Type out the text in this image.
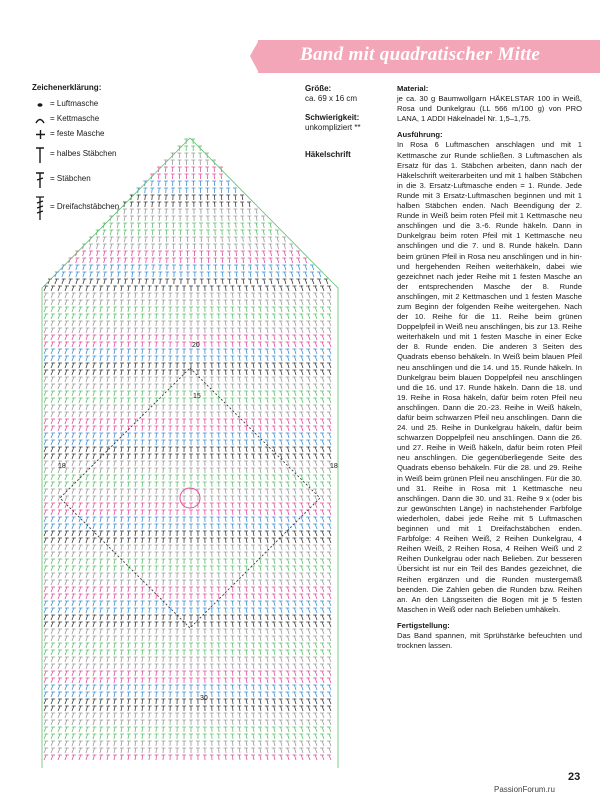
Band mit quadratischer Mitte
Zeichenerklärung:
= Luftmasche
= Kettmasche
= feste Masche
= halbes Stäbchen
= Stäbchen
= Dreifachstäbchen
Größe:
ca. 69 x 16 cm
Schwierigkeit:
unkompliziert **
Häkelschrift

Material:
je ca. 30 g Baumwollgarn HÄKELSTAR 100 in Weiß, Rosa und Dunkelgrau (LL 566 m/100 g) von PRO LANA, 1 ADDI Häkelnadel Nr. 1,5–1,75.

Ausführung:
In Rosa 6 Luftmaschen anschlagen und mit 1 Kettmasche zur Runde schließen. 3 Luftmaschen als Ersatz für das 1. Stäbchen arbeiten, dann nach der Häkelschrift weiterarbeiten und mit 1 halben Stäbchen in die 3. Ersatz-Luftmasche enden = 1. Runde. Jede Runde mit 3 Ersatz-Luftmaschen beginnen und mit 1 halben Stäbchen enden. Nach Beendigung der 2. Runde in Weiß beim roten Pfeil mit 1 Kettmasche neu anschlingen und die 3.-6. Runde häkeln. Dann in Dunkelgrau beim roten Pfeil mit 1 Kettmasche neu anschlingen und die 7. und 8. Runde häkeln. Dann beim grünen Pfeil in Rosa neu anschlingen und in hin- und hergehenden Reihen weiterhäkeln, dabei wie gezeichnet nach jeder Reihe mit 1 festen Masche an der entsprechenden Masche der 8. Runde anschlingen, mit 2 Kettmaschen und 1 festen Masche zum Beginn der folgenden Reihe weitergehen. Nach der 10. Reihe für die 11. Reihe beim grünen Doppelpfeil in Weiß neu anschlingen, bis zur 13. Reihe weiterhäkeln und mit 1 festen Masche in einer Ecke der 8. Runde enden. Die anderen 3 Seiten des Quadrats ebenso behäkeln. In Weiß beim blauen Pfeil neu anschlingen und die 14. und 15. Runde häkeln. In Dunkelgrau beim blauen Doppelpfeil neu anschlingen und die 16. und 17. Runde häkeln. Dann die 18. und 19. Reihe in Rosa häkeln, dafür beim roten Pfeil neu anschlingen. Dann die 20.-23. Reihe in Weiß häkeln, dafür beim schwarzen Pfeil neu anschlingen. Dann die 24. und 25. Reihe in Dunkelgrau häkeln, dafür beim schwarzen Doppelpfeil neu anschlingen. Dann die 26. und 27. Reihe in Weiß häkeln, dafür beim roten Pfeil neu anschlingen. Die gegenüberliegende Seite des Quadrats ebenso behäkeln. Für die 28. und 29. Reihe in Weiß beim grünen Pfeil neu anschlingen. Für die 30. und 31. Reihe in Rosa mit 1 Kettmasche neu anschlingen. Dann die 30. und 31. Reihe 9 x (oder bis zur gewünschten Länge) in nachstehender Farbfolge wiederholen, dabei jede Reihe mit 5 Luftmaschen beginnen und mit 1 Dreifachstäbchen enden. Farbfolge: 4 Reihen Weiß, 2 Reihen Dunkelgrau, 4 Reihen Weiß, 2 Reihen Rosa, 4 Reihen Weiß und 2 Reihen Dunkelgrau oder nach Belieben. Zur besseren Übersicht ist nur ein Teil des Bandes gezeichnet, die Reihen ergänzen und die Runden mustergemäß beenden. Die Zahlen geben die Runden bzw. Reihen an. An den Längsseiten die Bogen mit je 5 festen Maschen in Weiß oder nach Belieben umhäkeln.

Fertigstellung:
Das Band spannen, mit Sprühstärke befeuchten und trocknen lassen.

20
15
18	18
30
23
PassionForum.ru
